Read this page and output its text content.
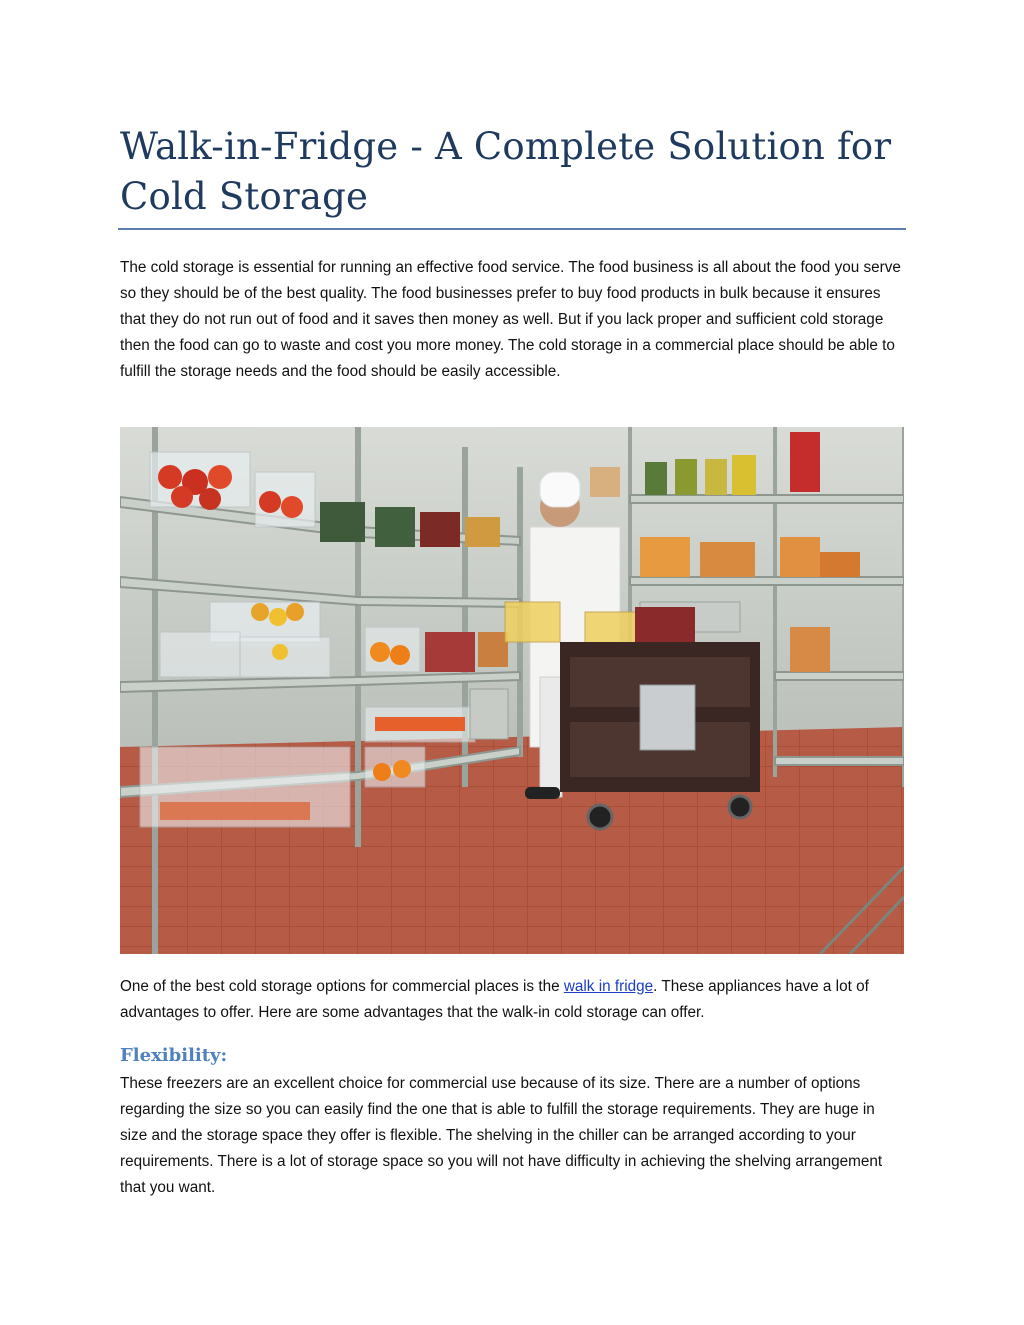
Walk-in-Fridge - A Complete Solution for Cold Storage

The cold storage is essential for running an effective food service. The food business is all about the food you serve so they should be of the best quality. The food businesses prefer to buy food products in bulk because it ensures that they do not run out of food and it saves then money as well. But if you lack proper and sufficient cold storage then the food can go to waste and cost you more money. The cold storage in a commercial place should be able to fulfill the storage needs and the food should be easily accessible.

One of the best cold storage options for commercial places is the walk in fridge. These appliances have a lot of advantages to offer. Here are some advantages that the walk-in cold storage can offer.

Flexibility:

These freezers are an excellent choice for commercial use because of its size. There are a number of options regarding the size so you can easily find the one that is able to fulfill the storage requirements. They are huge in size and the storage space they offer is flexible. The shelving in the chiller can be arranged according to your requirements. There is a lot of storage space so you will not have difficulty in achieving the shelving arrangement that you want.
